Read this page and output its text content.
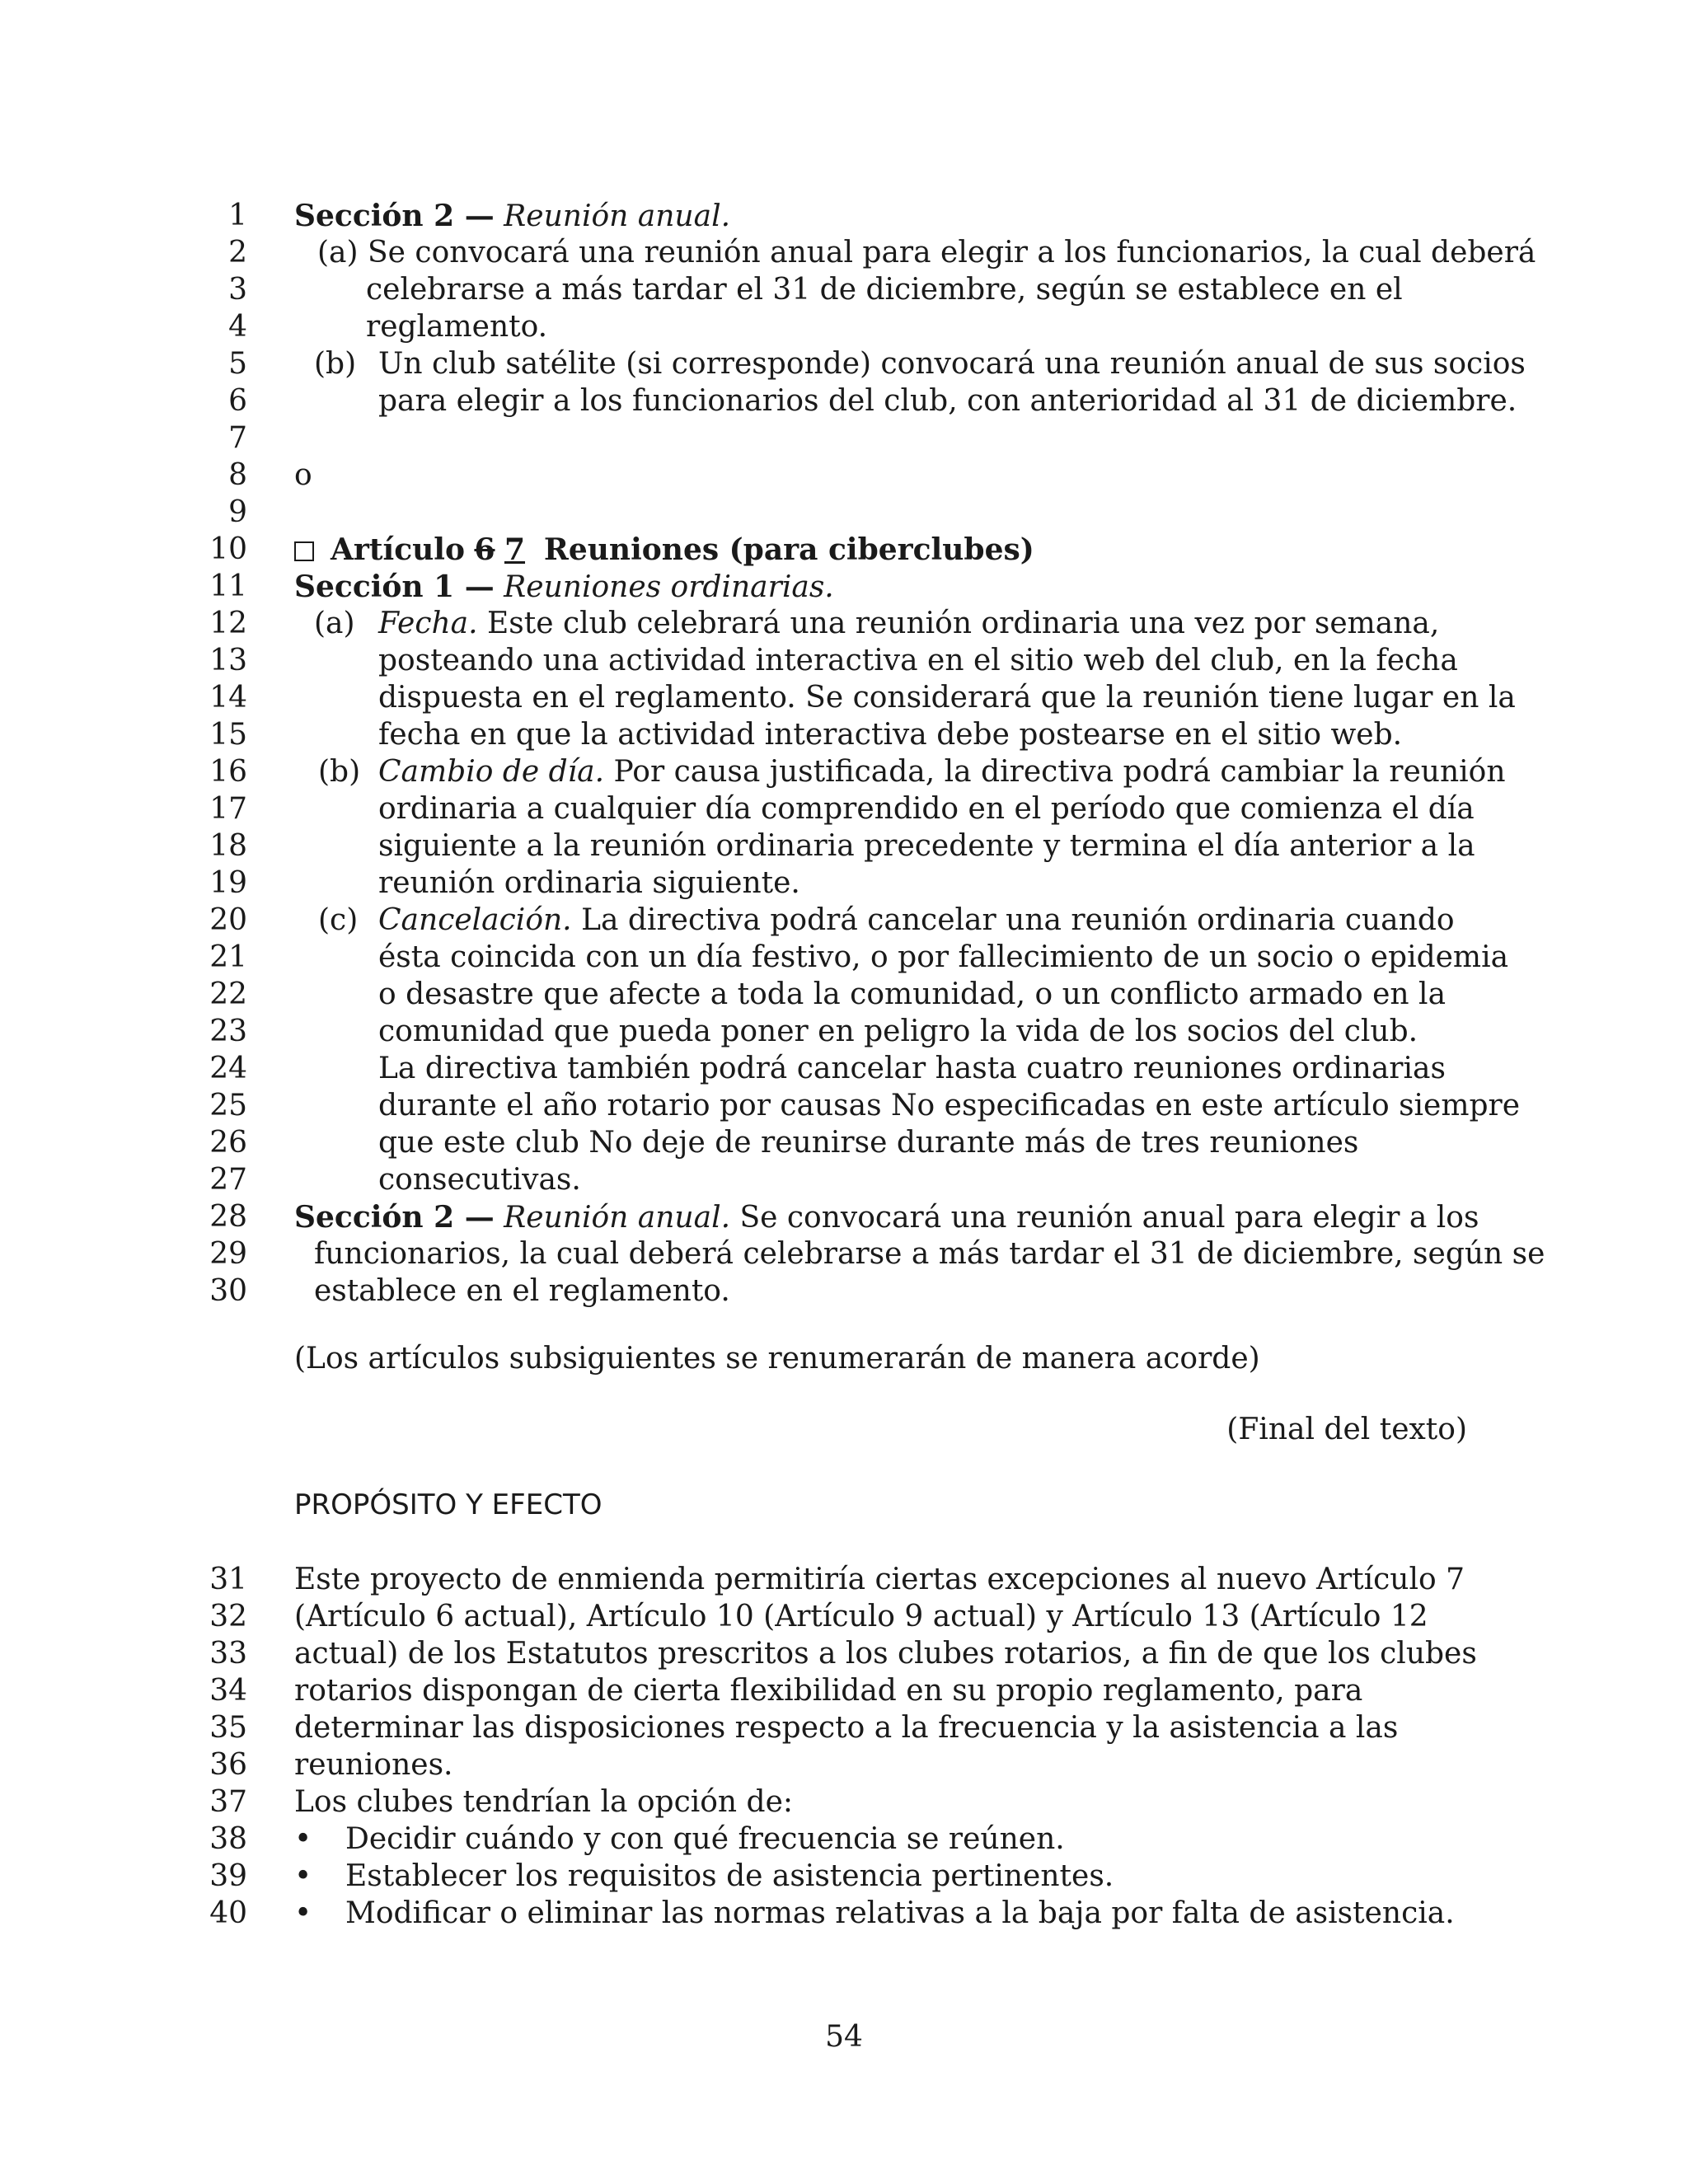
1
2
3
4
5
6
7
8
9
10
11
12
13
14
15
16
17
18
19
20
21
22
23
24
25
26
27
28
29
30
31
32
33
34
35
36
37
38
39
40
Sección 2 — Reunión anual.
(a) Se convocará una reunión anual para elegir a los funcionarios, la cual deberá
celebrarse a más tardar el 31 de diciembre, según se establece en el
reglamento.
(b) Un club satélite (si corresponde) convocará una reunión anual de sus socios
para elegir a los funcionarios del club, con anterioridad al 31 de diciembre.
o
Artículo 6 7 Reuniones (para ciberclubes)
Sección 1 — Reuniones ordinarias.
(a) Fecha. Este club celebrará una reunión ordinaria una vez por semana,
posteando una actividad interactiva en el sitio web del club, en la fecha
dispuesta en el reglamento. Se considerará que la reunión tiene lugar en la
fecha en que la actividad interactiva debe postearse en el sitio web.
(b) Cambio de día. Por causa justificada, la directiva podrá cambiar la reunión
ordinaria a cualquier día comprendido en el período que comienza el día
siguiente a la reunión ordinaria precedente y termina el día anterior a la
reunión ordinaria siguiente.
(c) Cancelación. La directiva podrá cancelar una reunión ordinaria cuando
ésta coincida con un día festivo, o por fallecimiento de un socio o epidemia
o desastre que afecte a toda la comunidad, o un conflicto armado en la
comunidad que pueda poner en peligro la vida de los socios del club.
La directiva también podrá cancelar hasta cuatro reuniones ordinarias
durante el año rotario por causas No especificadas en este artículo siempre
que este club No deje de reunirse durante más de tres reuniones
consecutivas.
Sección 2 — Reunión anual. Se convocará una reunión anual para elegir a los
funcionarios, la cual deberá celebrarse a más tardar el 31 de diciembre, según se
establece en el reglamento.
(Los artículos subsiguientes se renumerarán de manera acorde)
(Final del texto)
PROPÓSITO Y EFECTO
Este proyecto de enmienda permitiría ciertas excepciones al nuevo Artículo 7
(Artículo 6 actual), Artículo 10 (Artículo 9 actual) y Artículo 13 (Artículo 12
actual) de los Estatutos prescritos a los clubes rotarios, a fin de que los clubes
rotarios dispongan de cierta flexibilidad en su propio reglamento, para
determinar las disposiciones respecto a la frecuencia y la asistencia a las
reuniones.
Los clubes tendrían la opción de:
• Decidir cuándo y con qué frecuencia se reúnen.
• Establecer los requisitos de asistencia pertinentes.
• Modificar o eliminar las normas relativas a la baja por falta de asistencia.
54
